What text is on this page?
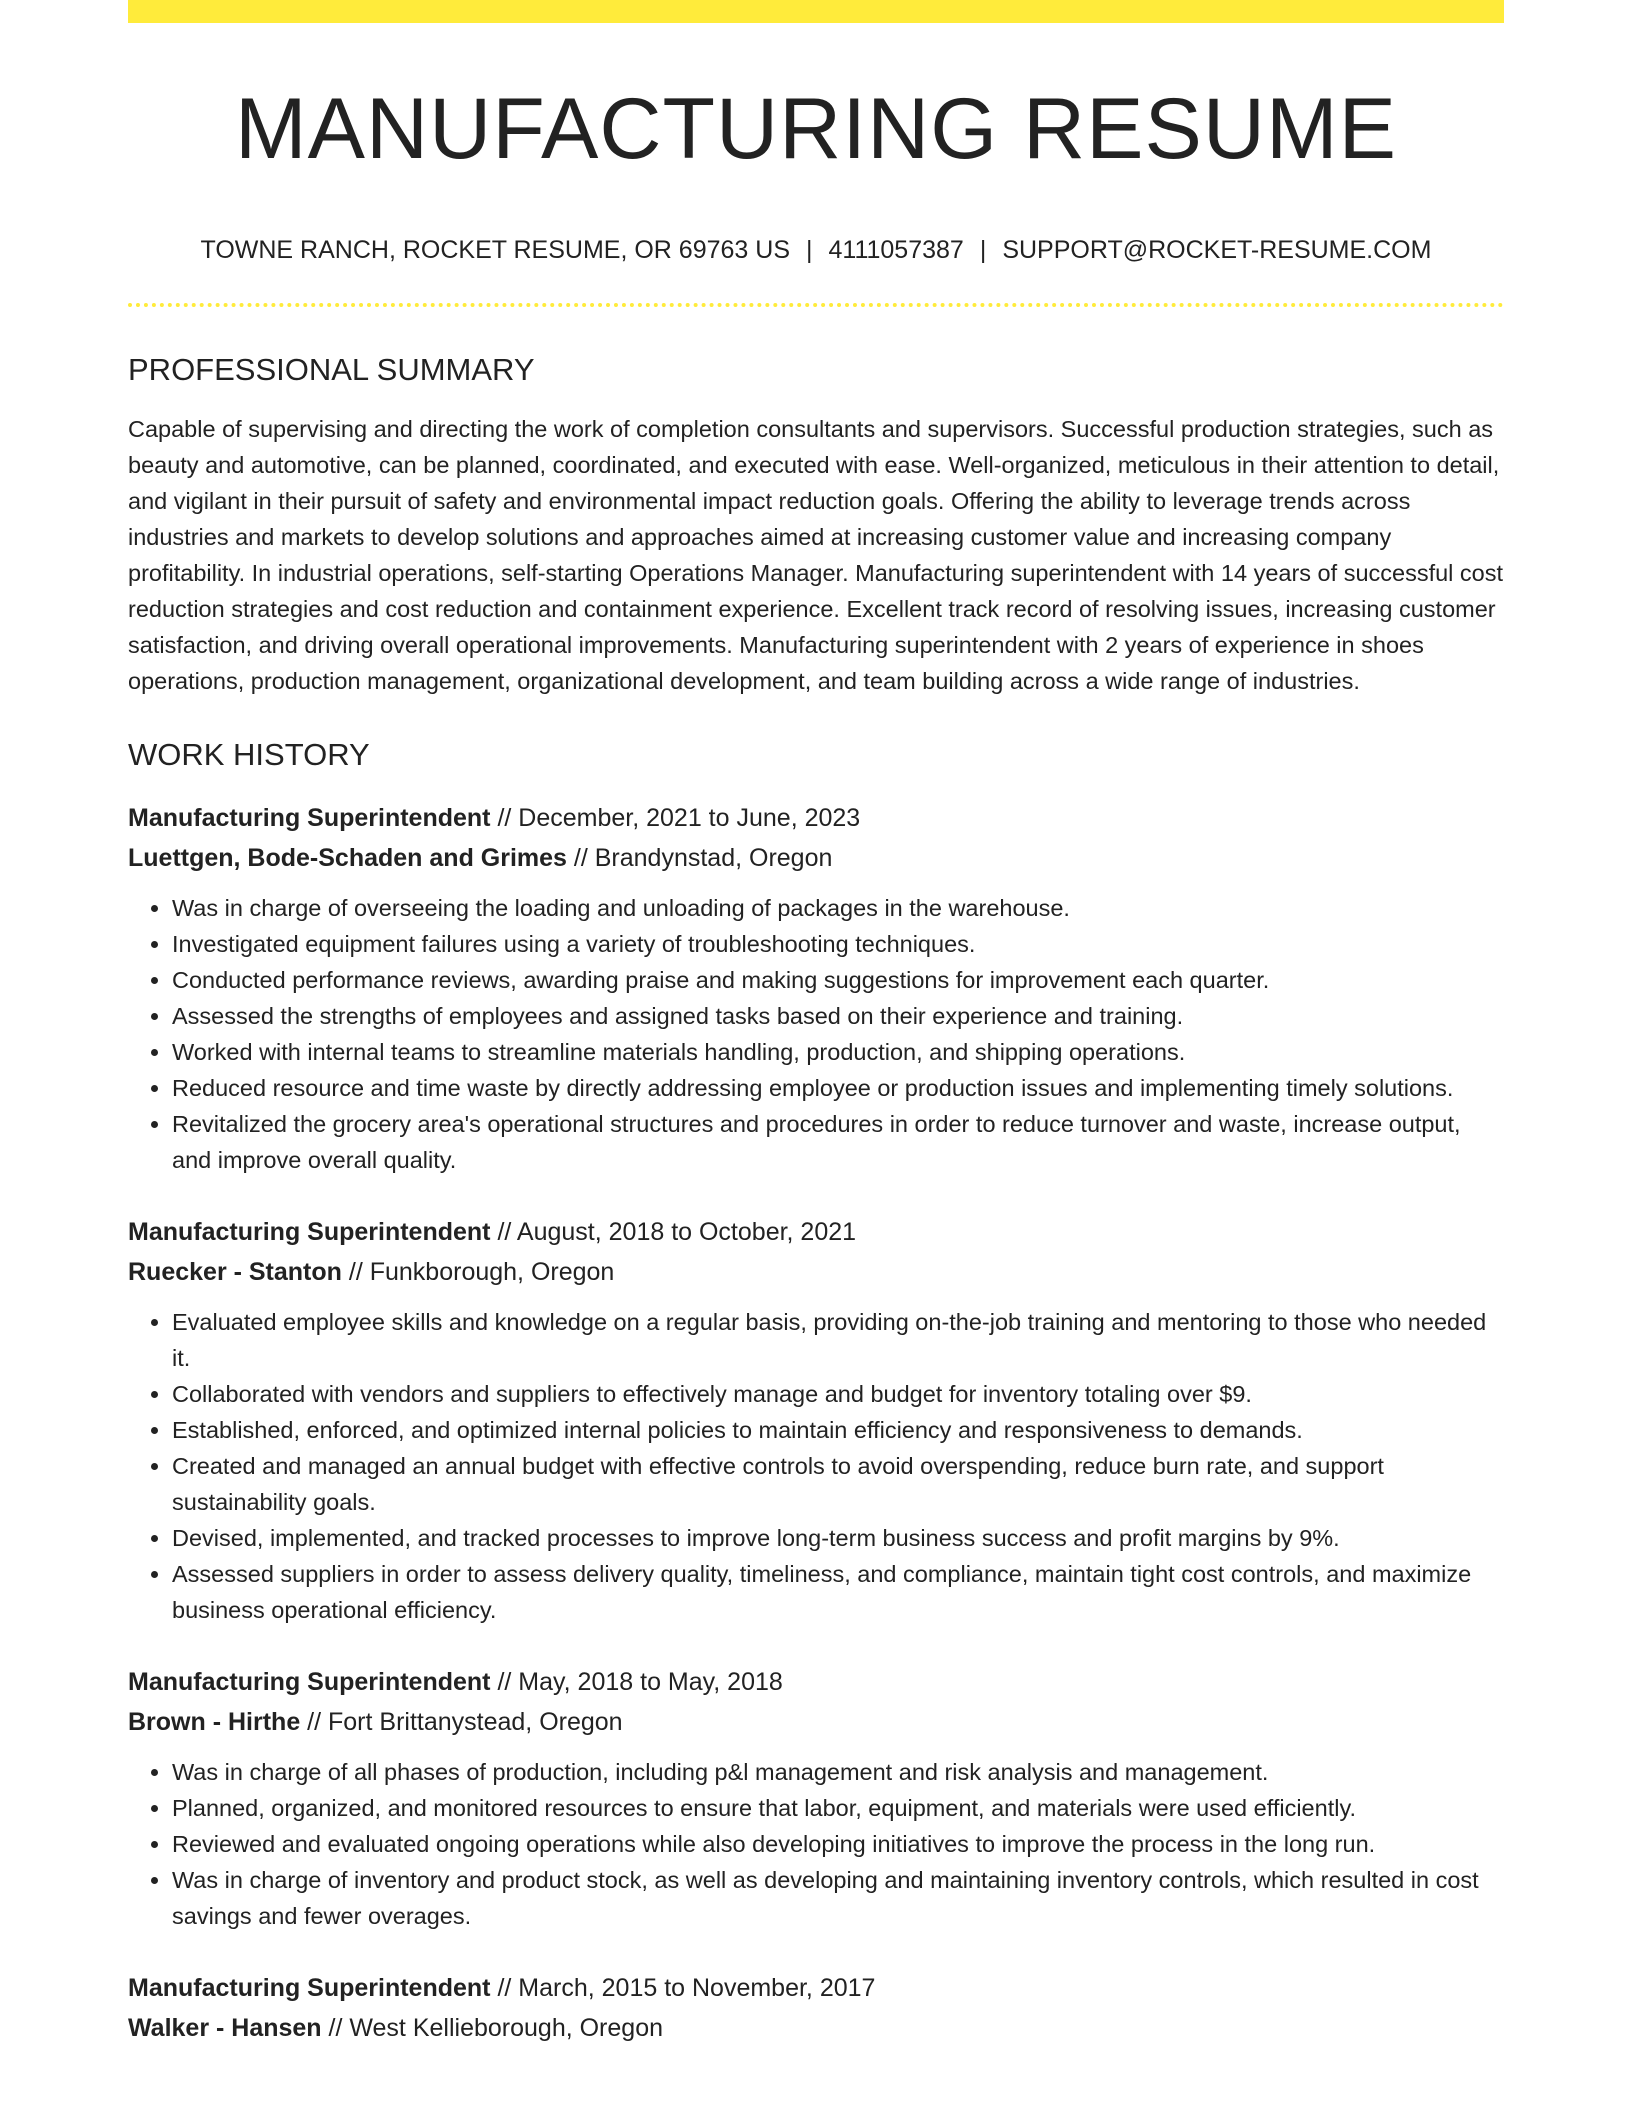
MANUFACTURING RESUME
TOWNE RANCH, ROCKET RESUME, OR 69763 US | 4111057387 | SUPPORT@ROCKET-RESUME.COM
PROFESSIONAL SUMMARY

Capable of supervising and directing the work of completion consultants and supervisors. Successful production strategies, such as beauty and automotive, can be planned, coordinated, and executed with ease. Well-organized, meticulous in their attention to detail, and vigilant in their pursuit of safety and environmental impact reduction goals. Offering the ability to leverage trends across industries and markets to develop solutions and approaches aimed at increasing customer value and increasing company profitability. In industrial operations, self-starting Operations Manager. Manufacturing superintendent with 14 years of successful cost reduction strategies and cost reduction and containment experience. Excellent track record of resolving issues, increasing customer satisfaction, and driving overall operational improvements. Manufacturing superintendent with 2 years of experience in shoes operations, production management, organizational development, and team building across a wide range of industries.

WORK HISTORY
Manufacturing Superintendent // December, 2021 to June, 2023
Luettgen, Bode-Schaden and Grimes // Brandynstad, Oregon
• Was in charge of overseeing the loading and unloading of packages in the warehouse.
• Investigated equipment failures using a variety of troubleshooting techniques.
• Conducted performance reviews, awarding praise and making suggestions for improvement each quarter.
• Assessed the strengths of employees and assigned tasks based on their experience and training.
• Worked with internal teams to streamline materials handling, production, and shipping operations.
• Reduced resource and time waste by directly addressing employee or production issues and implementing timely solutions.
• Revitalized the grocery area's operational structures and procedures in order to reduce turnover and waste, increase output, and improve overall quality.
Manufacturing Superintendent // August, 2018 to October, 2021
Ruecker - Stanton // Funkborough, Oregon
• Evaluated employee skills and knowledge on a regular basis, providing on-the-job training and mentoring to those who needed it.
• Collaborated with vendors and suppliers to effectively manage and budget for inventory totaling over $9.
• Established, enforced, and optimized internal policies to maintain efficiency and responsiveness to demands.
• Created and managed an annual budget with effective controls to avoid overspending, reduce burn rate, and support sustainability goals.
• Devised, implemented, and tracked processes to improve long-term business success and profit margins by 9%.
• Assessed suppliers in order to assess delivery quality, timeliness, and compliance, maintain tight cost controls, and maximize business operational efficiency.
Manufacturing Superintendent // May, 2018 to May, 2018
Brown - Hirthe // Fort Brittanystead, Oregon
• Was in charge of all phases of production, including p&l management and risk analysis and management.
• Planned, organized, and monitored resources to ensure that labor, equipment, and materials were used efficiently.
• Reviewed and evaluated ongoing operations while also developing initiatives to improve the process in the long run.
• Was in charge of inventory and product stock, as well as developing and maintaining inventory controls, which resulted in cost savings and fewer overages.
Manufacturing Superintendent // March, 2015 to November, 2017
Walker - Hansen // West Kellieborough, Oregon
